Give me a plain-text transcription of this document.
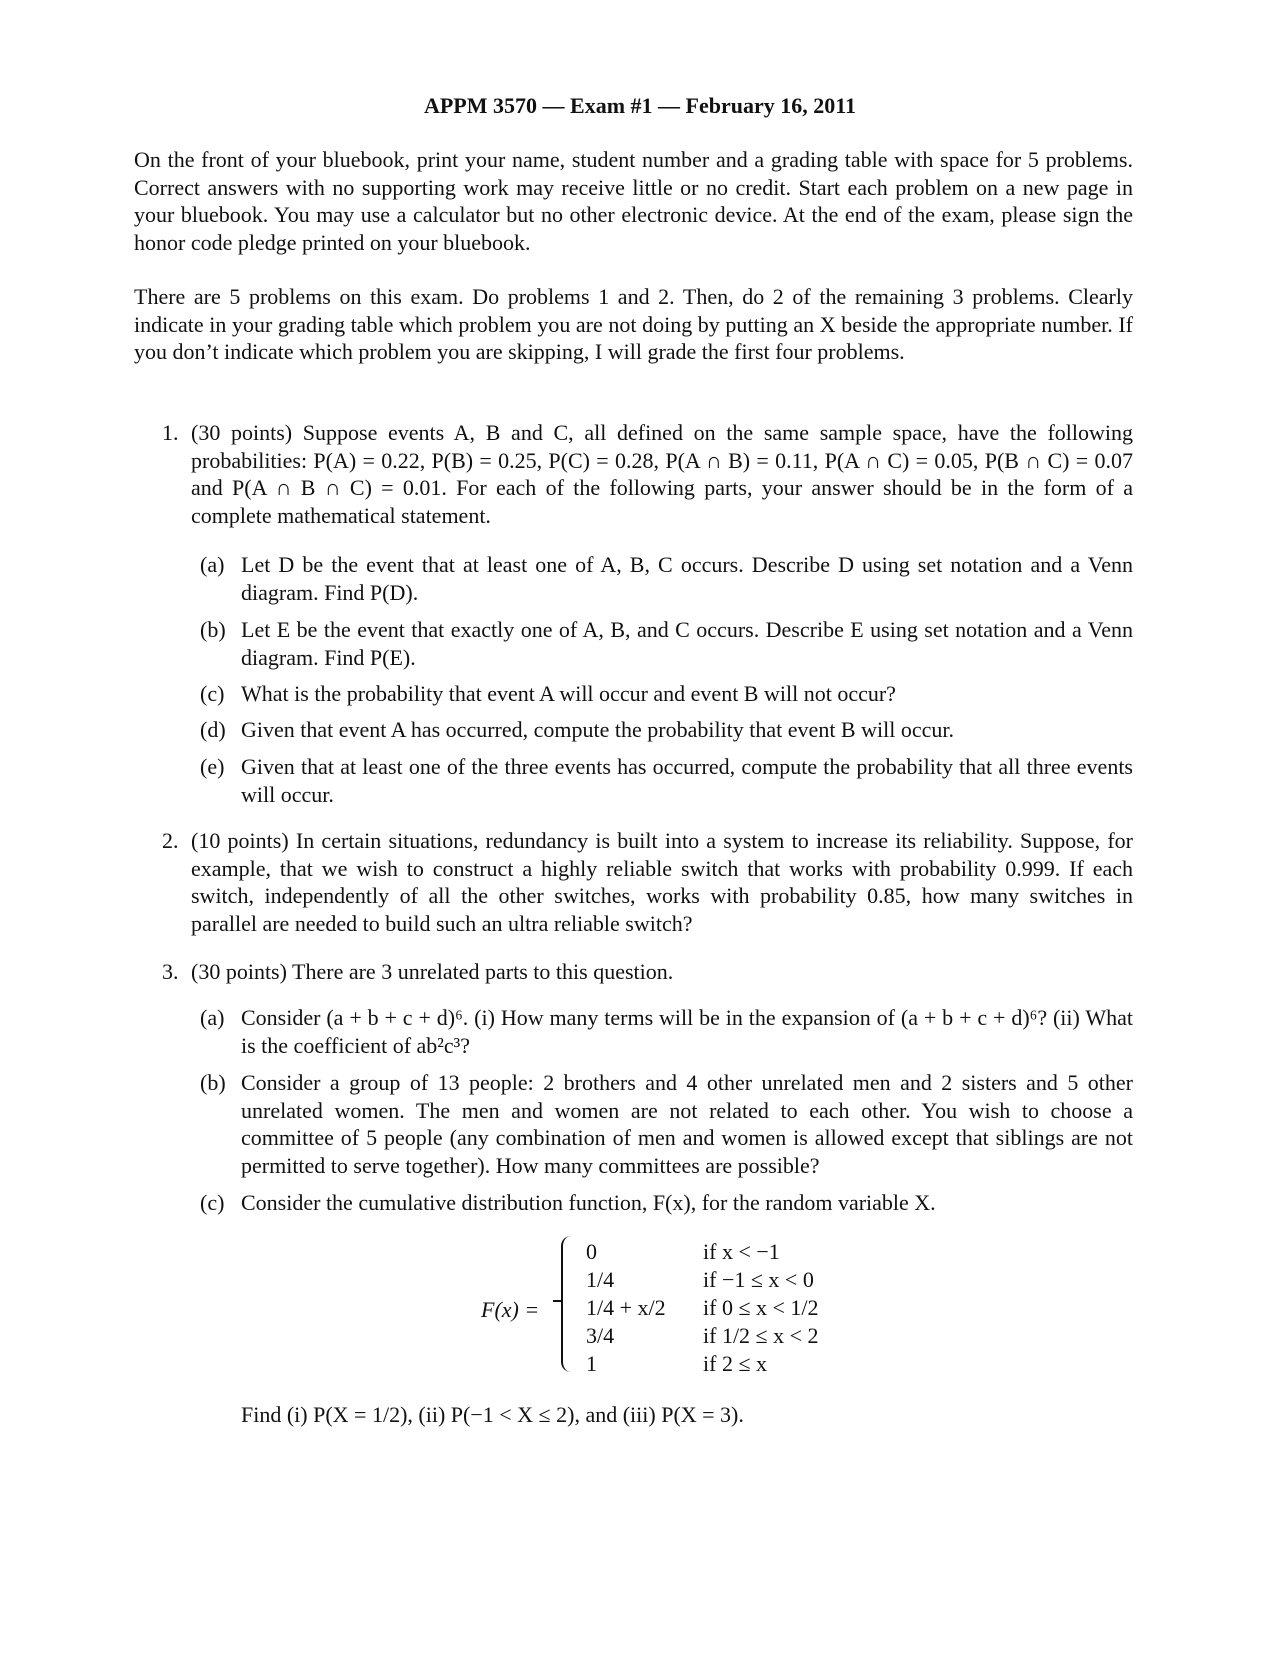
APPM 3570 — Exam #1 — February 16, 2011
On the front of your bluebook, print your name, student number and a grading table with space for 5 problems. Correct answers with no supporting work may receive little or no credit. Start each problem on a new page in your bluebook. You may use a calculator but no other electronic device. At the end of the exam, please sign the honor code pledge printed on your bluebook.
There are 5 problems on this exam. Do problems 1 and 2. Then, do 2 of the remaining 3 problems. Clearly indicate in your grading table which problem you are not doing by putting an X beside the appropriate number. If you don’t indicate which problem you are skipping, I will grade the first four problems.
1. (30 points) Suppose events A, B and C, all defined on the same sample space, have the following probabilities: P(A) = 0.22, P(B) = 0.25, P(C) = 0.28, P(A ∩ B) = 0.11, P(A ∩ C) = 0.05, P(B ∩ C) = 0.07 and P(A ∩ B ∩ C) = 0.01. For each of the following parts, your answer should be in the form of a complete mathematical statement.
(a) Let D be the event that at least one of A, B, C occurs. Describe D using set notation and a Venn diagram. Find P(D).
(b) Let E be the event that exactly one of A, B, and C occurs. Describe E using set notation and a Venn diagram. Find P(E).
(c) What is the probability that event A will occur and event B will not occur?
(d) Given that event A has occurred, compute the probability that event B will occur.
(e) Given that at least one of the three events has occurred, compute the probability that all three events will occur.
2. (10 points) In certain situations, redundancy is built into a system to increase its reliability. Suppose, for example, that we wish to construct a highly reliable switch that works with probability 0.999. If each switch, independently of all the other switches, works with probability 0.85, how many switches in parallel are needed to build such an ultra reliable switch?
3. (30 points) There are 3 unrelated parts to this question.
(a) Consider (a + b + c + d)⁶. (i) How many terms will be in the expansion of (a + b + c + d)⁶? (ii) What is the coefficient of ab²c³?
(b) Consider a group of 13 people: 2 brothers and 4 other unrelated men and 2 sisters and 5 other unrelated women. The men and women are not related to each other. You wish to choose a committee of 5 people (any combination of men and women is allowed except that siblings are not permitted to serve together). How many committees are possible?
(c) Consider the cumulative distribution function, F(x), for the random variable X.
F(x) =
0	if x < −1
1/4	if −1 ≤ x < 0
1/4 + x/2 if 0 ≤ x < 1/2
3/4	if 1/2 ≤ x < 2
1	if 2 ≤ x
Find (i) P(X = 1/2), (ii) P(−1 < X ≤ 2), and (iii) P(X = 3).
